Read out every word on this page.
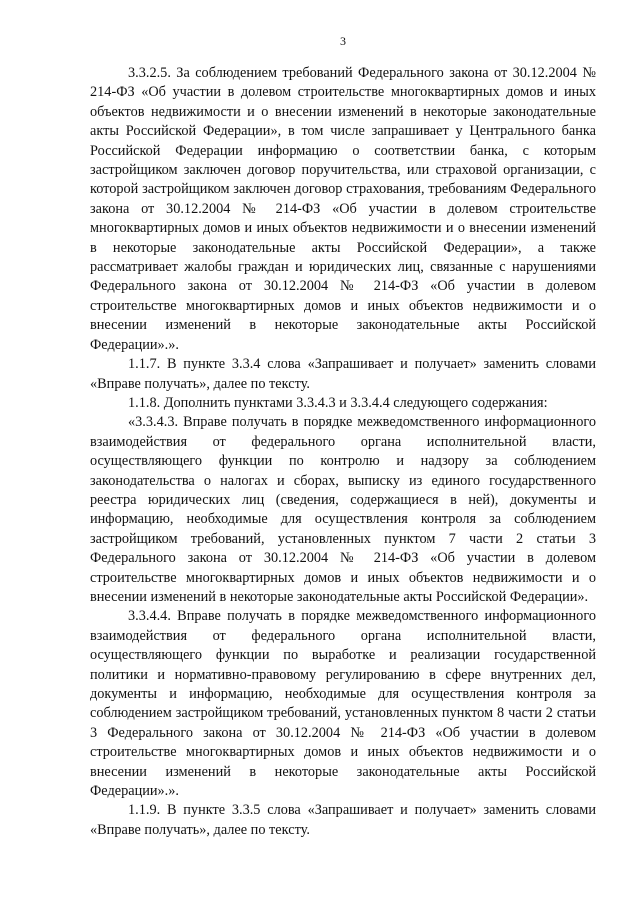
3

3.3.2.5. За соблюдением требований Федерального закона от 30.12.2004 № 214-ФЗ «Об участии в долевом строительстве многоквартирных домов и иных объектов недвижимости и о внесении изменений в некоторые законодательные акты Российской Федерации», в том числе запрашивает у Центрального банка Российской Федерации информацию о соответствии банка, с которым застройщиком заключен договор поручительства, или страховой организации, с которой застройщиком заключен договор страхования, требованиям Федерального закона от 30.12.2004 № 214-ФЗ «Об участии в долевом строительстве многоквартирных домов и иных объектов недвижимости и о внесении изменений в некоторые законодательные акты Российской Федерации», а также рассматривает жалобы граждан и юридических лиц, связанные с нарушениями Федерального закона от 30.12.2004 № 214-ФЗ «Об участии в долевом строительстве многоквартирных домов и иных объектов недвижимости и о внесении изменений в некоторые законодательные акты Российской Федерации».».

1.1.7. В пункте 3.3.4 слова «Запрашивает и получает» заменить словами «Вправе получать», далее по тексту.

1.1.8. Дополнить пунктами 3.3.4.3 и 3.3.4.4 следующего содержания:

«3.3.4.3. Вправе получать в порядке межведомственного информационного взаимодействия от федерального органа исполнительной власти, осуществляющего функции по контролю и надзору за соблюдением законодательства о налогах и сборах, выписку из единого государственного реестра юридических лиц (сведения, содержащиеся в ней), документы и информацию, необходимые для осуществления контроля за соблюдением застройщиком требований, установленных пунктом 7 части 2 статьи 3 Федерального закона от 30.12.2004 № 214-ФЗ «Об участии в долевом строительстве многоквартирных домов и иных объектов недвижимости и о внесении изменений в некоторые законодательные акты Российской Федерации».

3.3.4.4. Вправе получать в порядке межведомственного информационного взаимодействия от федерального органа исполнительной власти, осуществляющего функции по выработке и реализации государственной политики и нормативно-правовому регулированию в сфере внутренних дел, документы и информацию, необходимые для осуществления контроля за соблюдением застройщиком требований, установленных пунктом 8 части 2 статьи 3 Федерального закона от 30.12.2004 № 214-ФЗ «Об участии в долевом строительстве многоквартирных домов и иных объектов недвижимости и о внесении изменений в некоторые законодательные акты Российской Федерации».».

1.1.9. В пункте 3.3.5 слова «Запрашивает и получает» заменить словами «Вправе получать», далее по тексту.
